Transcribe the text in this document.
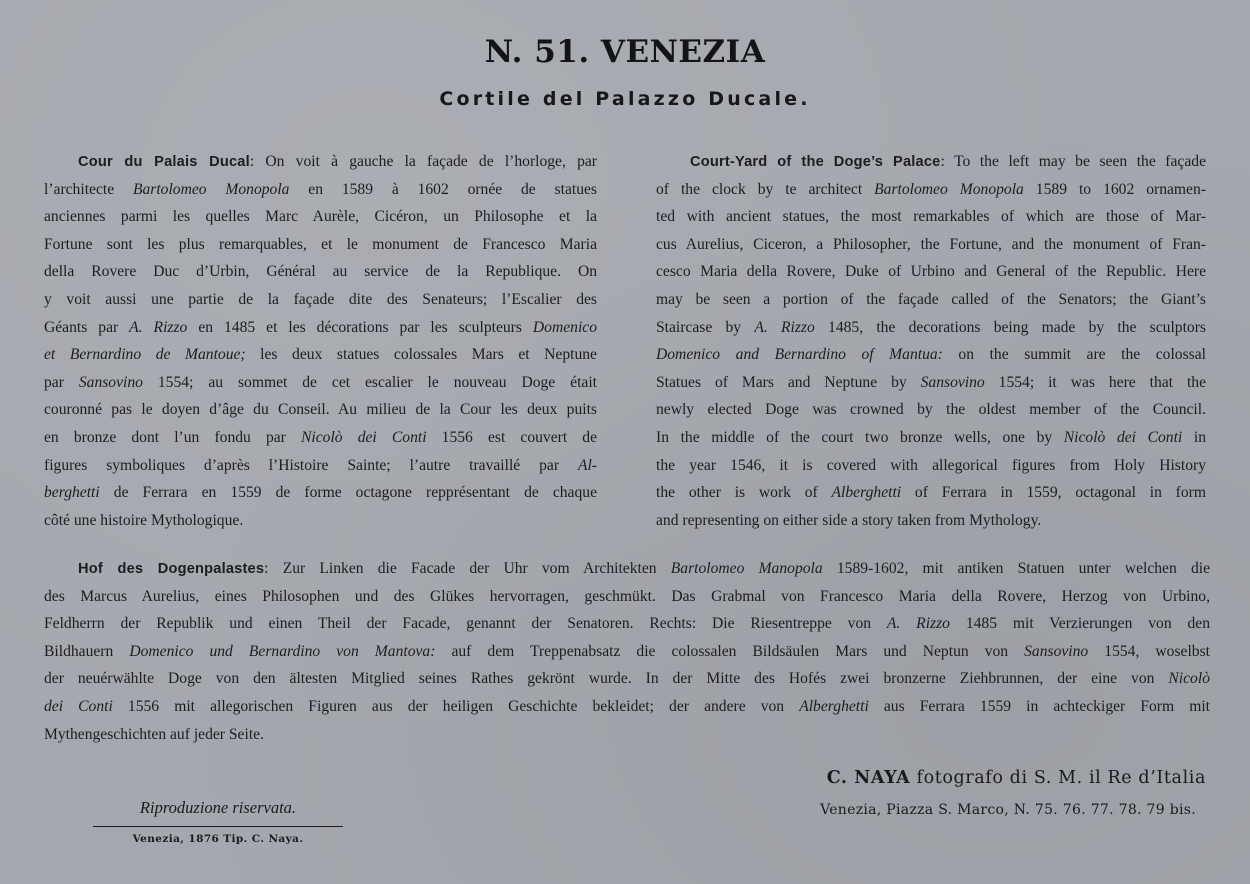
N. 51. VENEZIA
Cortile del Palazzo Ducale.
Cour du Palais Ducal: On voit à gauche la façade de l’horloge, par
l’architecte Bartolomeo Monopola en 1589 à 1602 ornée de statues
anciennes parmi les quelles Marc Aurèle, Cicéron, un Philosophe et la
Fortune sont les plus remarquables, et le monument de Francesco Maria
della Rovere Duc d’Urbin, Général au service de la Republique. On
y voit aussi une partie de la façade dite des Senateurs; l’Escalier des
Géants par A. Rizzo en 1485 et les décorations par les sculpteurs Domenico
et Bernardino de Mantoue; les deux statues colossales Mars et Neptune
par Sansovino 1554; au sommet de cet escalier le nouveau Doge était
couronné pas le doyen d’âge du Conseil. Au milieu de la Cour les deux puits
en bronze dont l’un fondu par Nicolò dei Conti 1556 est couvert de
figures symboliques d’après l’Histoire Sainte; l’autre travaillé par Al-
berghetti de Ferrara en 1559 de forme octagone repprésentant de chaque
côté une histoire Mythologique.
Court-Yard of the Doge’s Palace: To the left may be seen the façade
of the clock by te architect Bartolomeo Monopola 1589 to 1602 ornamen-
ted with ancient statues, the most remarkables of which are those of Mar-
cus Aurelius, Ciceron, a Philosopher, the Fortune, and the monument of Fran-
cesco Maria della Rovere, Duke of Urbino and General of the Republic. Here
may be seen a portion of the façade called of the Senators; the Giant’s
Staircase by A. Rizzo 1485, the decorations being made by the sculptors
Domenico and Bernardino of Mantua: on the summit are the colossal
Statues of Mars and Neptune by Sansovino 1554; it was here that the
newly elected Doge was crowned by the oldest member of the Council.
In the middle of the court two bronze wells, one by Nicolò dei Conti in
the year 1546, it is covered with allegorical figures from Holy History
the other is work of Alberghetti of Ferrara in 1559, octagonal in form
and representing on either side a story taken from Mythology.
Hof des Dogenpalastes: Zur Linken die Facade der Uhr vom Architekten Bartolomeo Manopola 1589-1602, mit antiken Statuen unter welchen die
des Marcus Aurelius, eines Philosophen und des Glükes hervorragen, geschmükt. Das Grabmal von Francesco Maria della Rovere, Herzog von Urbino,
Feldherrn der Republik und einen Theil der Facade, genannt der Senatoren. Rechts: Die Riesentreppe von A. Rizzo 1485 mit Verzierungen von den
Bildhauern Domenico und Bernardino von Mantova: auf dem Treppenabsatz die colossalen Bildsäulen Mars und Neptun von Sansovino 1554, woselbst
der neuérwählte Doge von den ältesten Mitglied seines Rathes gekrönt wurde. In der Mitte des Hofés zwei bronzerne Ziehbrunnen, der eine von Nicolò
dei Conti 1556 mit allegorischen Figuren aus der heiligen Geschichte bekleidet; der andere von Alberghetti aus Ferrara 1559 in achteckiger Form mit
Mythengeschichten auf jeder Seite.
Riproduzione riservata.
Venezia, 1876 Tip. C. Naya.
C. NAYA fotografo di S. M. il Re d’Italia
Venezia, Piazza S. Marco, N. 75. 76. 77. 78. 79 bis.
